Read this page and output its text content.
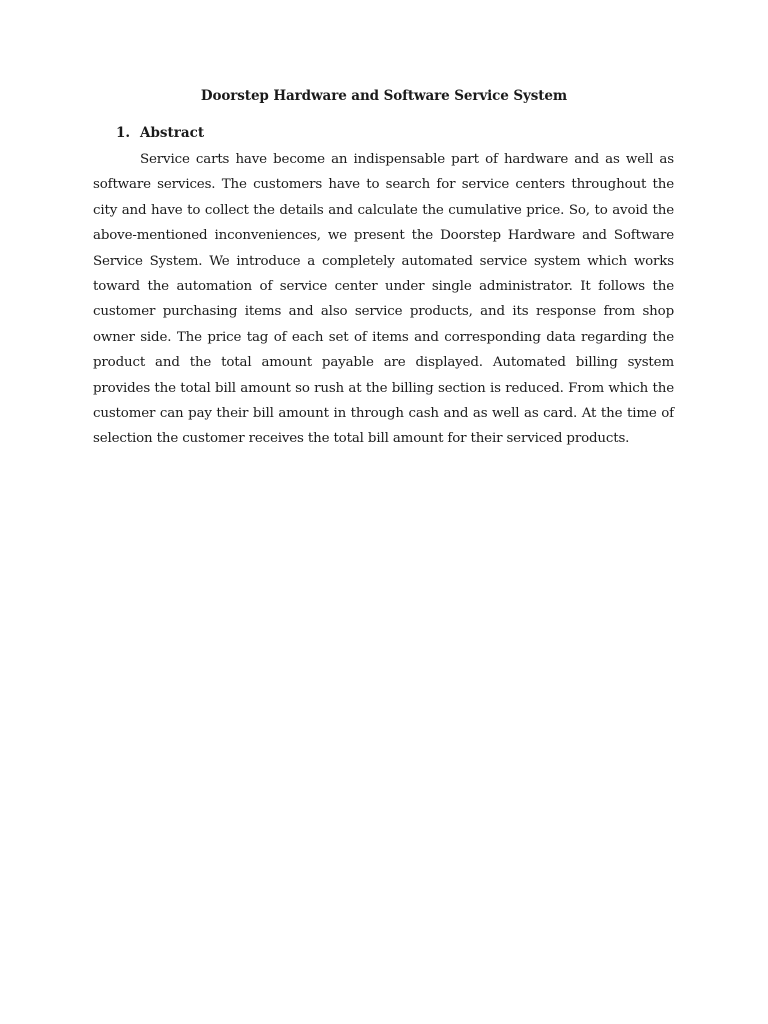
Doorstep Hardware and Software Service System
1. Abstract

Service carts have become an indispensable part of hardware and as well as software services. The customers have to search for service centers throughout the city and have to collect the details and calculate the cumulative price. So, to avoid the above-mentioned inconveniences, we present the Doorstep Hardware and Software Service System. We introduce a completely automated service system which works toward the automation of service center under single administrator. It follows the customer purchasing items and also service products, and its response from shop owner side. The price tag of each set of items and corresponding data regarding the product and the total amount payable are displayed. Automated billing system provides the total bill amount so rush at the billing section is reduced. From which the customer can pay their bill amount in through cash and as well as card. At the time of selection the customer receives the total bill amount for their serviced products.
